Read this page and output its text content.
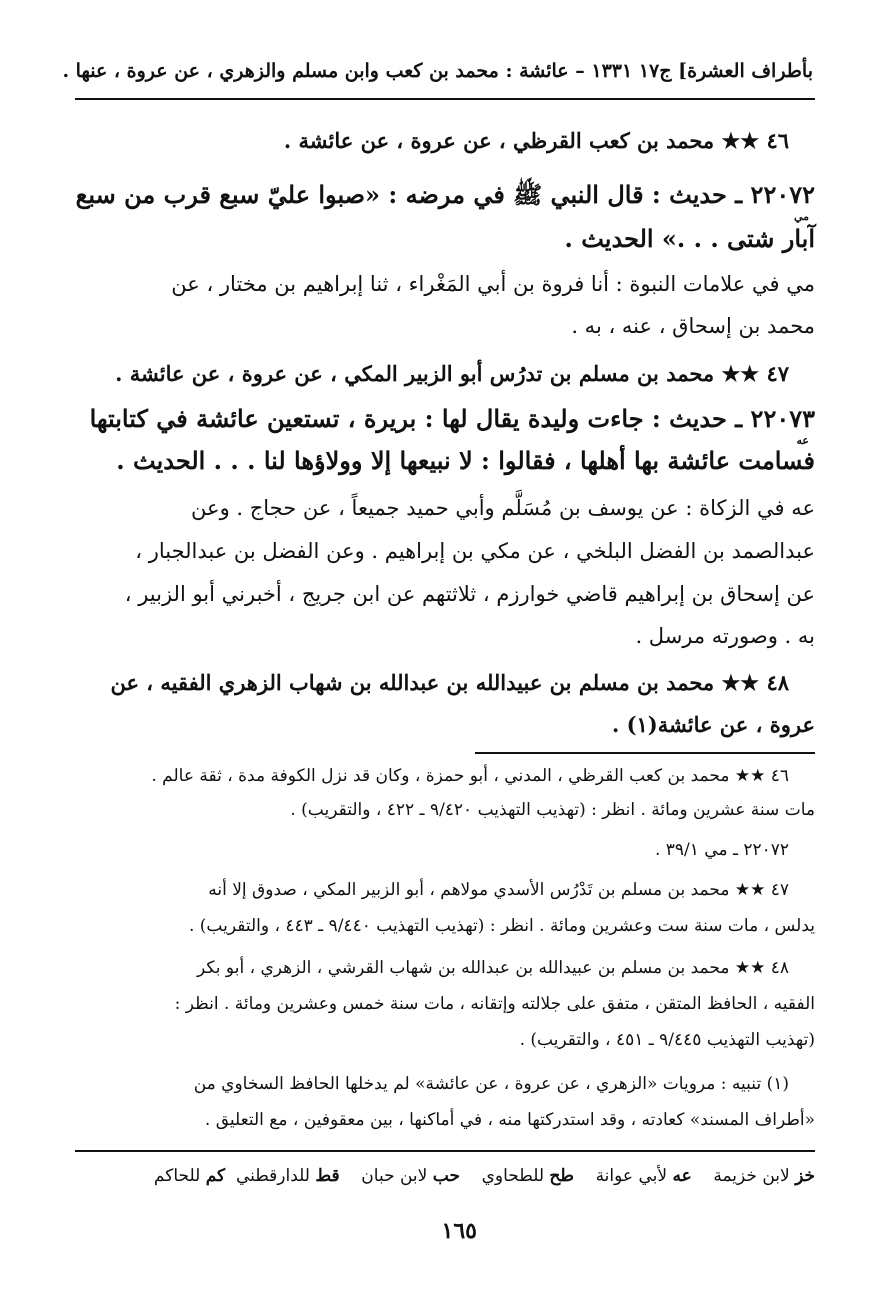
بأطراف العشرة] ج١٧ ١٣٣١ – عائشة : محمد بن كعب وابن مسلم والزهري ، عن عروة ، عنها .
٤٦ ★★ محمد بن كعب القرظي ، عن عروة ، عن عائشة .
٢٢٠٧٢ ـ حديث : قال النبي ﷺ في مرضه : «صبوا عليّ سبع قرب من سبع
مي
آبار شتى . . .» الحديث .
مي في علامات النبوة : أنا فروة بن أبي المَغْراء ، ثنا إبراهيم بن مختار ، عن
محمد بن إسحاق ، عنه ، به .
٤٧ ★★ محمد بن مسلم بن تدرُس أبو الزبير المكي ، عن عروة ، عن عائشة .
٢٢٠٧٣ ـ حديث : جاءت وليدة يقال لها : بريرة ، تستعين عائشة في كتابتها
عه
فسامت عائشة بها أهلها ، فقالوا : لا نبيعها إلا وولاؤها لنا . . . الحديث .
عه في الزكاة : عن يوسف بن مُسَلَّم وأبي حميد جميعاً ، عن حجاج . وعن
عبدالصمد بن الفضل البلخي ، عن مكي بن إبراهيم . وعن الفضل بن عبدالجبار ،
عن إسحاق بن إبراهيم قاضي خوارزم ، ثلاثتهم عن ابن جريج ، أخبرني أبو الزبير ،
به . وصورته مرسل .
٤٨ ★★ محمد بن مسلم بن عبيدالله بن عبدالله بن شهاب الزهري الفقيه ، عن
عروة ، عن عائشة(١) .
٤٦ ★★ محمد بن كعب القرظي ، المدني ، أبو حمزة ، وكان قد نزل الكوفة مدة ، ثقة عالم .
مات سنة عشرين ومائة . انظر : (تهذيب التهذيب ٩/٤٢٠ ـ ٤٢٢ ، والتقريب) .
٢٢٠٧٢ ـ مي ٣٩/١ .
٤٧ ★★ محمد بن مسلم بن تَدْرُس الأسدي مولاهم ، أبو الزبير المكي ، صدوق إلا أنه
يدلس ، مات سنة ست وعشرين ومائة . انظر : (تهذيب التهذيب ٩/٤٤٠ ـ ٤٤٣ ، والتقريب) .
٤٨ ★★ محمد بن مسلم بن عبيدالله بن عبدالله بن شهاب القرشي ، الزهري ، أبو بكر
الفقيه ، الحافظ المتقن ، متفق على جلالته وإتقانه ، مات سنة خمس وعشرين ومائة . انظر :
(تهذيب التهذيب ٩/٤٤٥ ـ ٤٥١ ، والتقريب) .
(١) تنبيه : مرويات «الزهري ، عن عروة ، عن عائشة» لم يدخلها الحافظ السخاوي من
«أطراف المسند» كعادته ، وقد استدركتها منه ، في أماكنها ، بين معقوفين ، مع التعليق .
خز لابن خزيمة    عه لأبي عوانة    طح للطحاوي    حب لابن حبان    قط للدارقطني  كم للحاكم
١٦٥
